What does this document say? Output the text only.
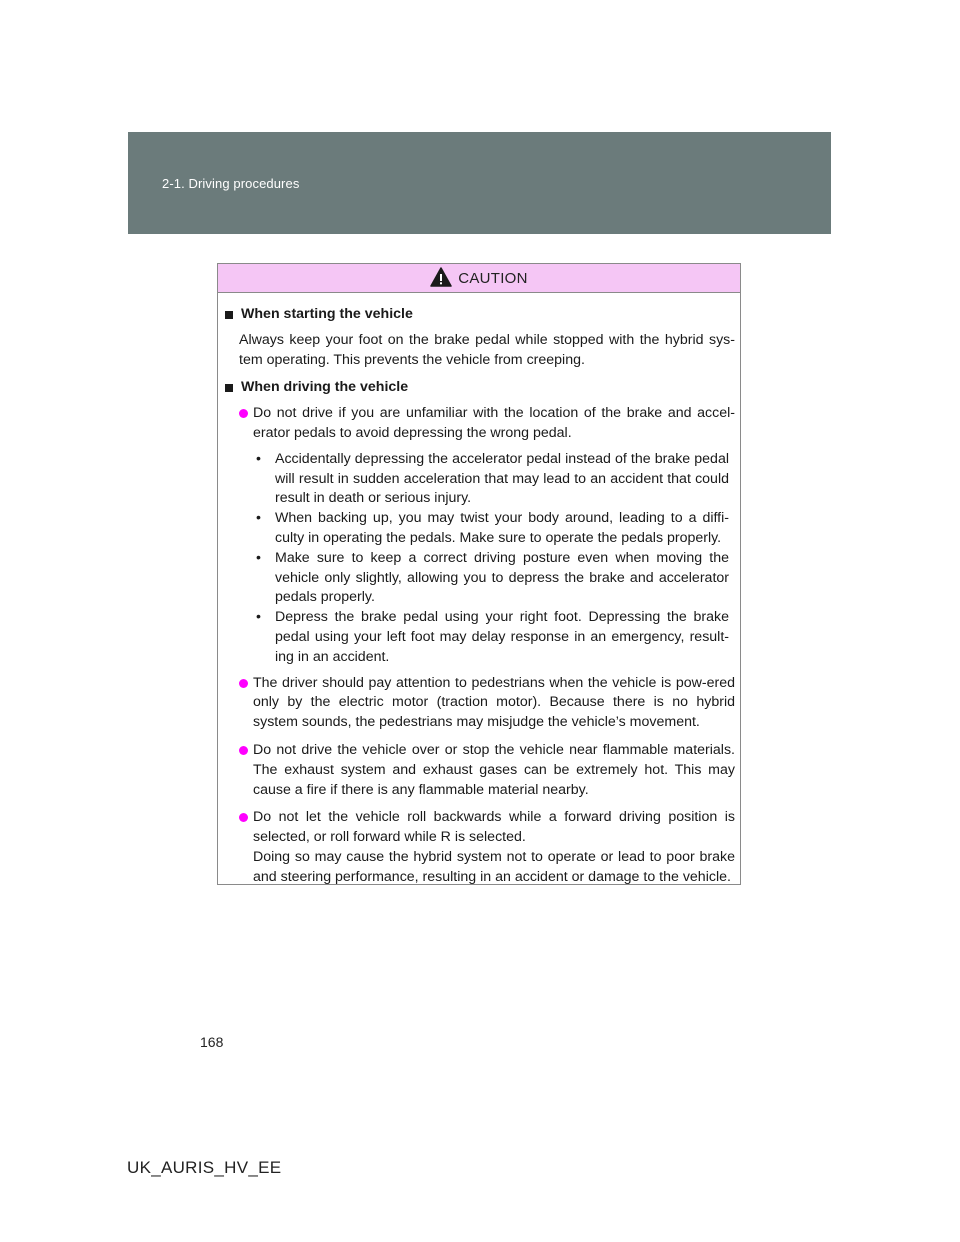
2-1. Driving procedures
CAUTION
When starting the vehicle
Always keep your foot on the brake pedal while stopped with the hybrid sys-tem operating. This prevents the vehicle from creeping.
When driving the vehicle
Do not drive if you are unfamiliar with the location of the brake and accel-erator pedals to avoid depressing the wrong pedal.
• Accidentally depressing the accelerator pedal instead of the brake pedal will result in sudden acceleration that may lead to an accident that could result in death or serious injury.
• When backing up, you may twist your body around, leading to a diffi-culty in operating the pedals. Make sure to operate the pedals properly.
• Make sure to keep a correct driving posture even when moving the vehicle only slightly, allowing you to depress the brake and accelerator pedals properly.
• Depress the brake pedal using your right foot. Depressing the brake pedal using your left foot may delay response in an emergency, result-ing in an accident.
The driver should pay attention to pedestrians when the vehicle is pow-ered only by the electric motor (traction motor). Because there is no hybrid system sounds, the pedestrians may misjudge the vehicle’s movement.
Do not drive the vehicle over or stop the vehicle near flammable materials. The exhaust system and exhaust gases can be extremely hot. This may cause a fire if there is any flammable material nearby.
Do not let the vehicle roll backwards while a forward driving position is selected, or roll forward while R is selected.
Doing so may cause the hybrid system not to operate or lead to poor brake and steering performance, resulting in an accident or damage to the vehicle.
168
UK_AURIS_HV_EE
